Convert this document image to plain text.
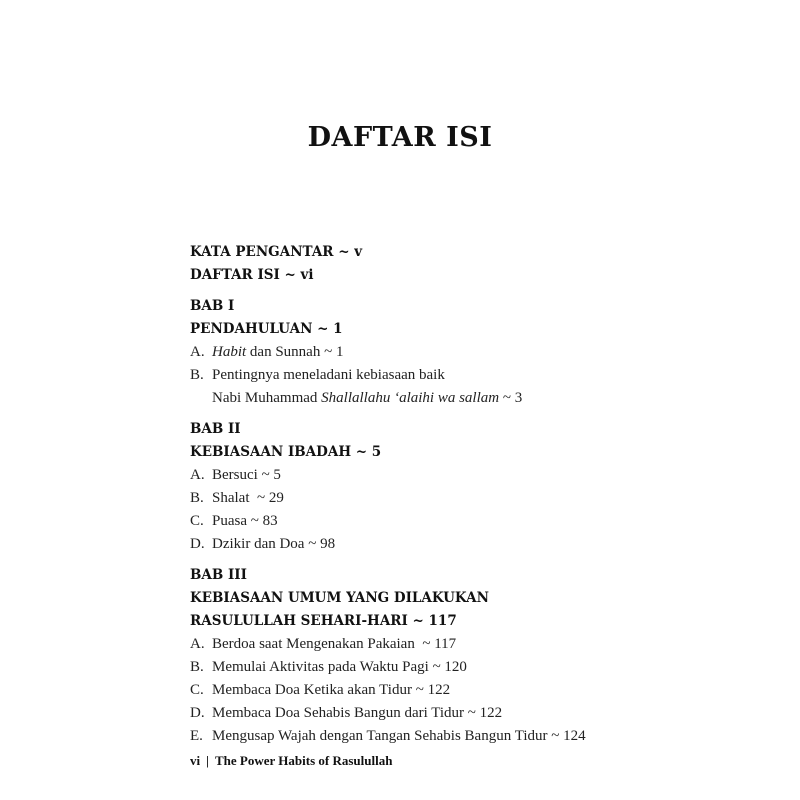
DAFTAR ISI
KATA PENGANTAR ~ v
DAFTAR ISI ~ vi
BAB I
PENDAHULUAN ~ 1
A. Habit dan Sunnah ~ 1
B. Pentingnya meneladani kebiasaan baik
Nabi Muhammad Shallallahu ‘alaihi wa sallam ~ 3
BAB II
KEBIASAAN IBADAH ~ 5
A. Bersuci ~ 5
B. Shalat  ~ 29
C. Puasa ~ 83
D. Dzikir dan Doa ~ 98
BAB III
KEBIASAAN UMUM YANG DILAKUKAN
RASULULLAH SEHARI-HARI ~ 117
A. Berdoa saat Mengenakan Pakaian  ~ 117
B. Memulai Aktivitas pada Waktu Pagi ~ 120
C. Membaca Doa Ketika akan Tidur ~ 122
D. Membaca Doa Sehabis Bangun dari Tidur ~ 122
E. Mengusap Wajah dengan Tangan Sehabis Bangun Tidur ~ 124
vi | The Power Habits of Rasulullah
